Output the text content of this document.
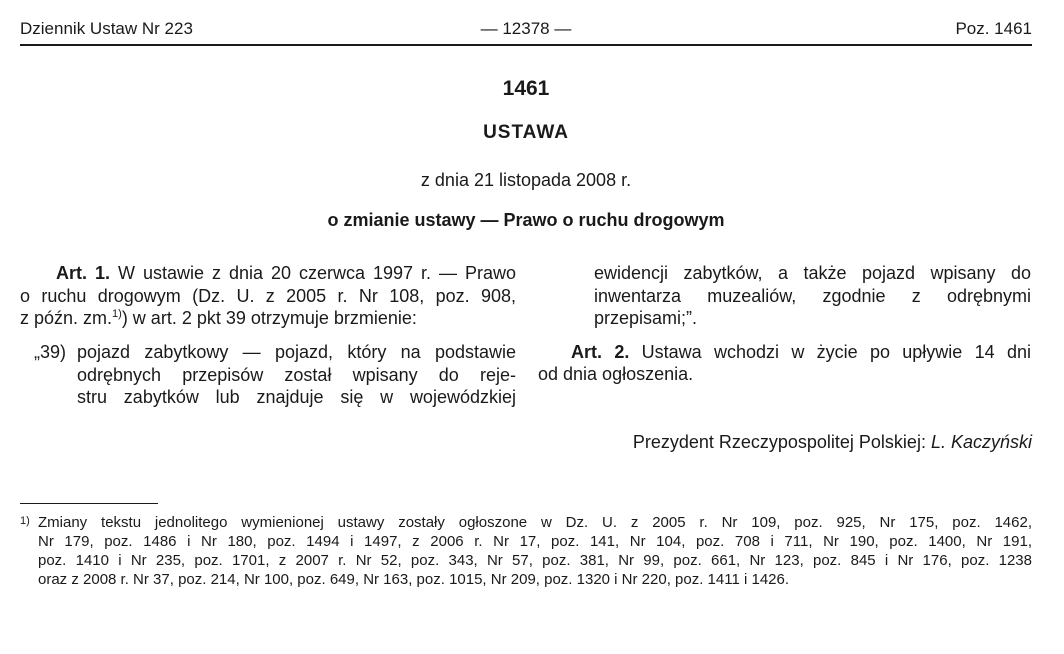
Dziennik Ustaw Nr 223	— 12378 —	Poz. 1461
1461
USTAWA
z dnia 21 listopada 2008 r.
o zmianie ustawy — Prawo o ruchu drogowym
Art. 1. W ustawie z dnia 20 czerwca 1997 r. — Prawo
o ruchu drogowym (Dz. U. z 2005 r. Nr 108, poz. 908,
z późn. zm.$^{1)}$) w art. 2 pkt 39 otrzymuje brzmienie:
„39) pojazd zabytkowy — pojazd, który na podstawie
odrębnych przepisów został wpisany do reje-
stru zabytków lub znajduje się w wojewódzkiej
ewidencji zabytków, a także pojazd wpisany do
inwentarza muzealiów, zgodnie z odrębnymi
przepisami;”.
Art. 2. Ustawa wchodzi w życie po upływie 14 dni
od dnia ogłoszenia.
Prezydent Rzeczypospolitej Polskiej: L. Kaczyński
1) Zmiany tekstu jednolitego wymienionej ustawy zostały ogłoszone w Dz. U. z 2005 r. Nr 109, poz. 925, Nr 175, poz. 1462,
Nr 179, poz. 1486 i Nr 180, poz. 1494 i 1497, z 2006 r. Nr 17, poz. 141, Nr 104, poz. 708 i 711, Nr 190, poz. 1400, Nr 191,
poz. 1410 i Nr 235, poz. 1701, z 2007 r. Nr 52, poz. 343, Nr 57, poz. 381, Nr 99, poz. 661, Nr 123, poz. 845 i Nr 176, poz. 1238
oraz z 2008 r. Nr 37, poz. 214, Nr 100, poz. 649, Nr 163, poz. 1015, Nr 209, poz. 1320 i Nr 220, poz. 1411 i 1426.
